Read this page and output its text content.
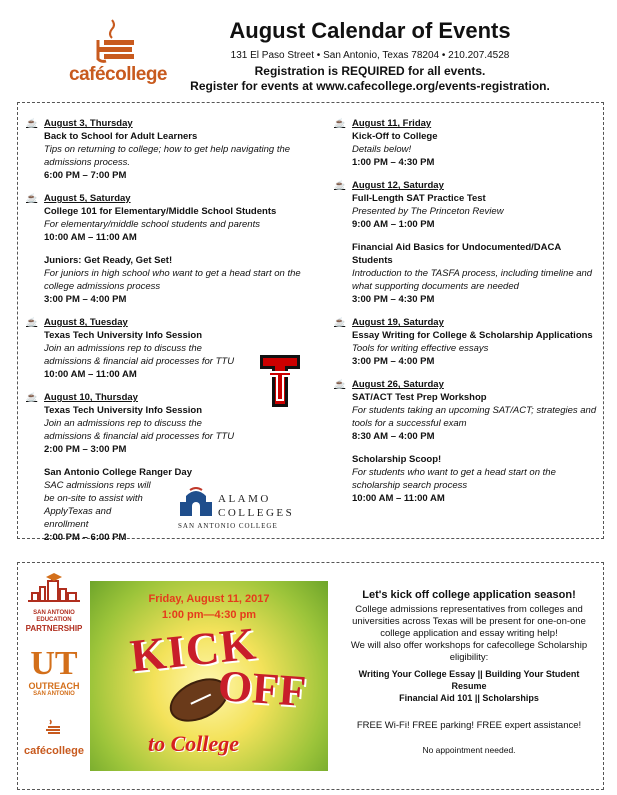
cafécollege
August Calendar of Events
131 El Paso Street • San Antonio, Texas 78204 • 210.207.4528
Registration is REQUIRED for all events.
Register for events at www.cafecollege.org/events-registration.
☕ August 3, Thursday
Back to School for Adult Learners
Tips on returning to college; how to get help navigating the admissions process.
6:00 PM – 7:00 PM
☕ August 5, Saturday
College 101 for Elementary/Middle School Students
For elementary/middle school students and parents
10:00 AM – 11:00 AM
Juniors: Get Ready, Get Set!
For juniors in high school who want to get a head start on the college admissions process
3:00 PM – 4:00 PM
☕ August 8, Tuesday
Texas Tech University Info Session
Join an admissions rep to discuss the admissions & financial aid processes for TTU
10:00 AM – 11:00 AM
☕ August 10, Thursday
Texas Tech University Info Session
Join an admissions rep to discuss the admissions & financial aid processes for TTU
2:00 PM – 3:00 PM
San Antonio College Ranger Day
SAC admissions reps will be on-site to assist with ApplyTexas and enrollment
2:00 PM – 6:00 PM
ALAMO
COLLEGES
SAN ANTONIO COLLEGE
☕ August 11, Friday
Kick-Off to College
Details below!
1:00 PM – 4:30 PM
☕ August 12, Saturday
Full-Length SAT Practice Test
Presented by The Princeton Review
9:00 AM – 1:00 PM
Financial Aid Basics for Undocumented/DACA Students
Introduction to the TASFA process, including timeline and what supporting documents are needed
3:00 PM – 4:30 PM
☕ August 19, Saturday
Essay Writing for College & Scholarship Applications
Tools for writing effective essays
3:00 PM – 4:00 PM
☕ August 26, Saturday
SAT/ACT Test Prep Workshop
For students taking an upcoming SAT/ACT; strategies and tools for a successful exam
8:30 AM – 4:00 PM
Scholarship Scoop!
For students who want to get a head start on the scholarship search process
10:00 AM – 11:00 AM
SAN ANTONIO EDUCATION
PARTNERSHIP
UT
OUTREACH
SAN ANTONIO
cafécollege
Friday, August 11, 2017
1:00 pm—4:30 pm
KICK
OFF
to College
Let's kick off college application season!
College admissions representatives from colleges and universities across Texas will be present for one-on-one college application and essay writing help!
We will also offer workshops for cafecollege Scholarship eligibility:
Writing Your College Essay || Building Your Student Resume
Financial Aid 101 || Scholarships
FREE Wi-Fi! FREE parking! FREE expert assistance!
No appointment needed.
